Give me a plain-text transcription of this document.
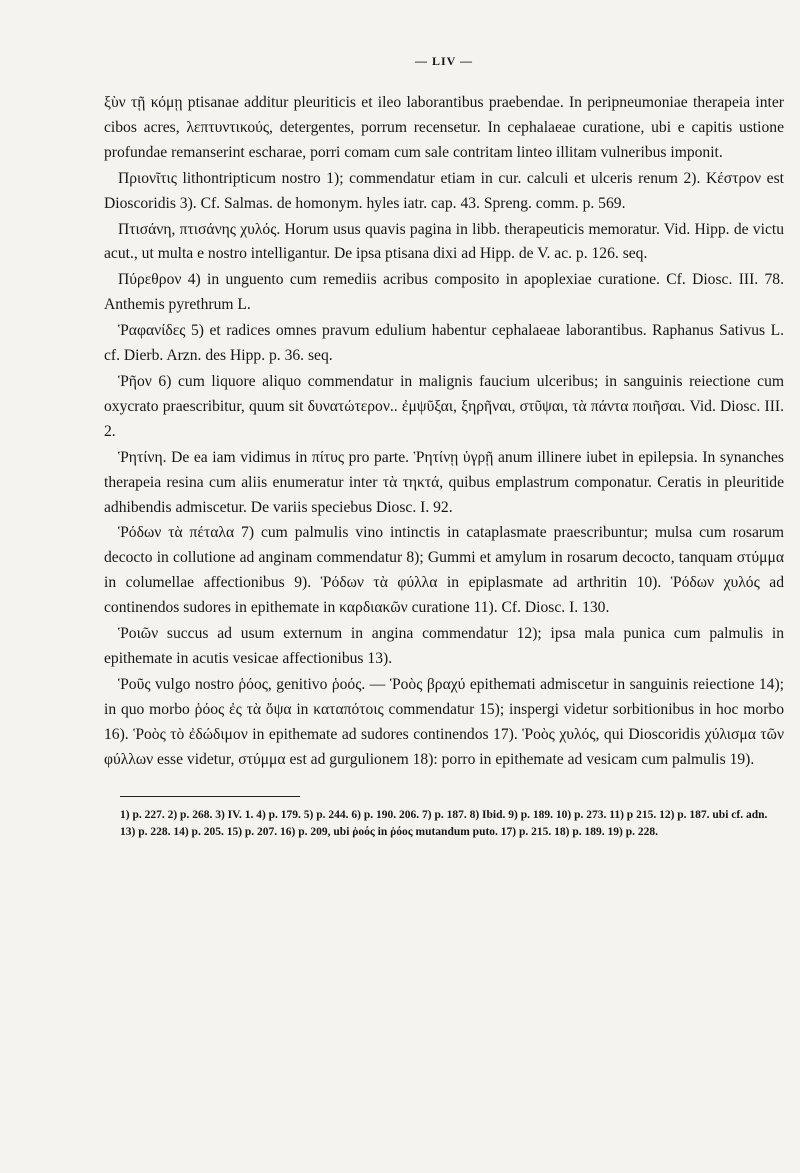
— LIV —

ξὺν τῇ κόμῃ ptisanae additur pleuriticis et ileo laborantibus praebendae. In peripneumoniae therapeia inter cibos acres, λεπτυντικούς, detergentes, porrum recensetur. In cephalaeae curatione, ubi e capitis ustione profundae remanserint escharae, porri comam cum sale contritam linteo illitam vulneribus imponit.

Πριονῖτις lithontripticum nostro 1); commendatur etiam in cur. calculi et ulceris renum 2). Κέστρον est Dioscoridis 3). Cf. Salmas. de homonym. hyles iatr. cap. 43. Spreng. comm. p. 569.

Πτισάνη, πτισάνης χυλός. Horum usus quavis pagina in libb. therapeuticis memoratur. Vid. Hipp. de victu acut., ut multa e nostro intelligantur. De ipsa ptisana dixi ad Hipp. de V. ac. p. 126. seq.

Πύρεθρον 4) in unguento cum remediis acribus composito in apoplexiae curatione. Cf. Diosc. III. 78. Anthemis pyrethrum L.

Ῥαφανίδες 5) et radices omnes pravum edulium habentur cephalaeae laborantibus. Raphanus Sativus L. cf. Dierb. Arzn. des Hipp. p. 36. seq.

Ῥῆον 6) cum liquore aliquo commendatur in malignis faucium ulceribus; in sanguinis reiectione cum oxycrato praescribitur, quum sit δυνατώτερον.. ἐμψῦξαι, ξηρῆναι, στῦψαι, τὰ πάντα ποιῆσαι. Vid. Diosc. III. 2.

Ῥητίνη. De ea iam vidimus in πίτυς pro parte. Ῥητίνῃ ὑγρῇ anum illinere iubet in epilepsia. In synanches therapeia resina cum aliis enumeratur inter τὰ τηκτά, quibus emplastrum componatur. Ceratis in pleuritide adhibendis admiscetur. De variis speciebus Diosc. I. 92.

Ῥόδων τὰ πέταλα 7) cum palmulis vino intinctis in cataplasmate praescribuntur; mulsa cum rosarum decocto in collutione ad anginam commendatur 8); Gummi et amylum in rosarum decocto, tanquam στύμμα in columellae affectionibus 9). Ῥόδων τὰ φύλλα in epiplasmate ad arthritin 10). Ῥόδων χυλός ad continendos sudores in epithemate in καρδιακῶν curatione 11). Cf. Diosc. I. 130.

Ῥοιῶν succus ad usum externum in angina commendatur 12); ipsa mala punica cum palmulis in epithemate in acutis vesicae affectionibus 13).

Ῥοῦς vulgo nostro ῥόος, genitivo ῥοός. — Ῥοὸς βραχύ epithemati admiscetur in sanguinis reiectione 14); in quo morbo ῥόος ἐς τὰ ὄψα in καταπότοις commendatur 15); inspergi videtur sorbitionibus in hoc morbo 16). Ῥοὸς τὸ ἐδώδιμον in epithemate ad sudores continendos 17). Ῥοὸς χυλός, qui Dioscoridis χύλισμα τῶν φύλλων esse videtur, στύμμα est ad gurgulionem 18): porro in epithemate ad vesicam cum palmulis 19).

1) p. 227. 2) p. 268. 3) IV. 1. 4) p. 179. 5) p. 244. 6) p. 190. 206. 7) p. 187. 8) Ibid. 9) p. 189. 10) p. 273. 11) p 215. 12) p. 187. ubi cf. adn. 13) p. 228. 14) p. 205. 15) p. 207. 16) p. 209, ubi ῥοός in ῥόος mutandum puto. 17) p. 215. 18) p. 189. 19) p. 228.
